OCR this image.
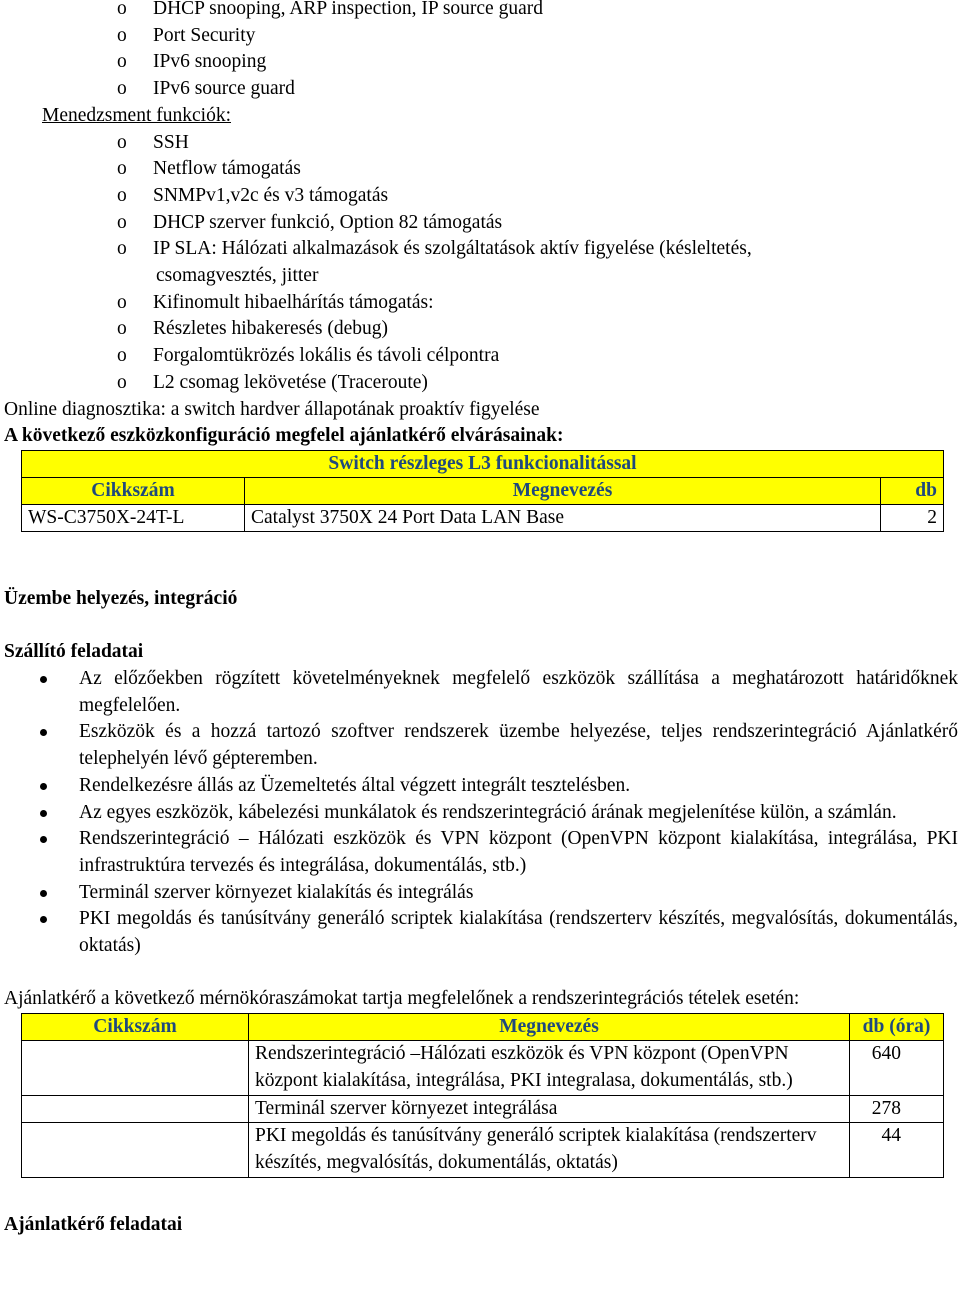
o DHCP snooping, ARP inspection, IP source guard
o Port Security
o IPv6 snooping
o IPv6 source guard
Menedzsment funkciók:
o SSH
o Netflow támogatás
o SNMPv1,v2c és v3 támogatás
o DHCP szerver funkció, Option 82 támogatás
o IP SLA: Hálózati alkalmazások és szolgáltatások aktív figyelése (késleltetés,
csomagvesztés, jitter
o Kifinomult hibaelhárítás támogatás:
o Részletes hibakeresés (debug)
o Forgalomtükrözés lokális és távoli célpontra
o L2 csomag lekövetése (Traceroute)
Online diagnosztika: a switch hardver állapotának proaktív figyelése
A következő eszközkonfiguráció megfelel ajánlatkérő elvárásainak:
Switch részleges L3 funkcionalitással		
Cikkszám	Megnevezés	db
WS-C3750X-24T-L	Catalyst 3750X 24 Port Data LAN Base	2
Üzembe helyezés, integráció
Szállító feladatai
Az előzőekben rögzített követelményeknek megfelelő eszközök szállítása a meghatározott határidőknek megfelelően.
Eszközök és a hozzá tartozó szoftver rendszerek üzembe helyezése, teljes rendszerintegráció Ajánlatkérő telephelyén lévő gépteremben.
Rendelkezésre állás az Üzemeltetés által végzett integrált tesztelésben.
Az egyes eszközök, kábelezési munkálatok és rendszerintegráció árának megjelenítése külön, a számlán.
Rendszerintegráció – Hálózati eszközök és VPN központ (OpenVPN központ kialakítása, integrálása, PKI infrastruktúra tervezés és integrálása, dokumentálás, stb.)
Terminál szerver környezet kialakítás és integrálás
PKI megoldás és tanúsítvány generáló scriptek kialakítása (rendszerterv készítés, megvalósítás, dokumentálás, oktatás)
Ajánlatkérő a következő mérnökóraszámokat tartja megfelelőnek a rendszerintegrációs tételek esetén:
Cikkszám	Megnevezés	db (óra)
	Rendszerintegráció –Hálózati eszközök és VPN központ (OpenVPN központ kialakítása, integrálása, PKI integralasa, dokumentálás, stb.)	640
	Terminál szerver környezet integrálása	278
	PKI megoldás és tanúsítvány generáló scriptek kialakítása (rendszerterv készítés, megvalósítás, dokumentálás, oktatás)	44
Ajánlatkérő feladatai
